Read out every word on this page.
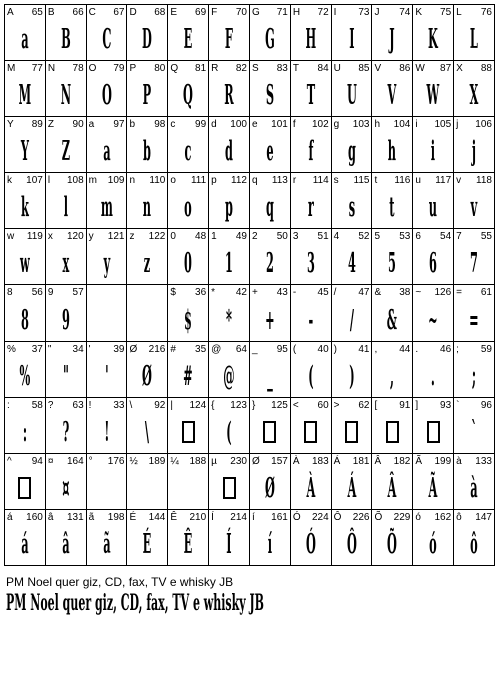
A 65
a
B 66
B
C 67
C
D 68
D
E 69
E
F 70
F
G 71
G
H 72
H
I 73
I
J 74
J
K 75
K
L 76
L
M 77
M
N 78
N
O 79
O
P 80
P
Q 81
Q
R 82
R
S 83
S
T 84
T
U 85
U
V 86
V
W 87
W
X 88
X
Y 89
Y
Z 90
Z
a 97
a
b 98
b
c 99
c
d 100
d
e 101
e
f 102
f
g 103
g
h 104
h
i 105
i
j 106
j
k 107
k
l 108
l
m 109
m
n 110
n
o 111
o
p 112
p
q 113
q
r 114
r
s 115
s
t 116
t
u 117
u
v 118
v
w 119
w
x 120
x
y 121
y
z 122
z
0 48
0
1 49
1
2 50
2
3 51
3
4 52
4
5 53
5
6 54
6
7 55
7
8 56
8
9 57
9
$ 36
$
* 42
*
+ 43
+
- 45
-
/ 47
/
& 38
&
~ 126
~
= 61
=
% 37
%
" 34
"
' 39
'
Ø 216
Ø
# 35
#
@ 64
@
_ 95
_
( 40
(
) 41
)
, 44
,
. 46
.
; 59
;
: 58
:
? 63
?
! 33
!
\ 92
\
| 124 { 123
(
} 125 < 60 > 62 [ 91 ] 93 ` 96
`
^ 94 ¤ 164
¤
° 176 ½ 189 ¼ 188 µ 230 Ø 157
Ø
À 183
À
Á 181
Á
Â 182
Â
Ã 199
Ã
à 133
à
á 160
á
â 131
â
ã 198
ã
É 144
É
Ê 210
Ê
Í 214
Í
í 161
í
Ó 224
Ó
Ô 226
Ô
Õ 229
Õ
ó 162
ó
ô 147
ô
PM Noel quer giz, CD, fax, TV e whisky JB
PM Noel quer giz, CD, fax, TV e whisky JB
